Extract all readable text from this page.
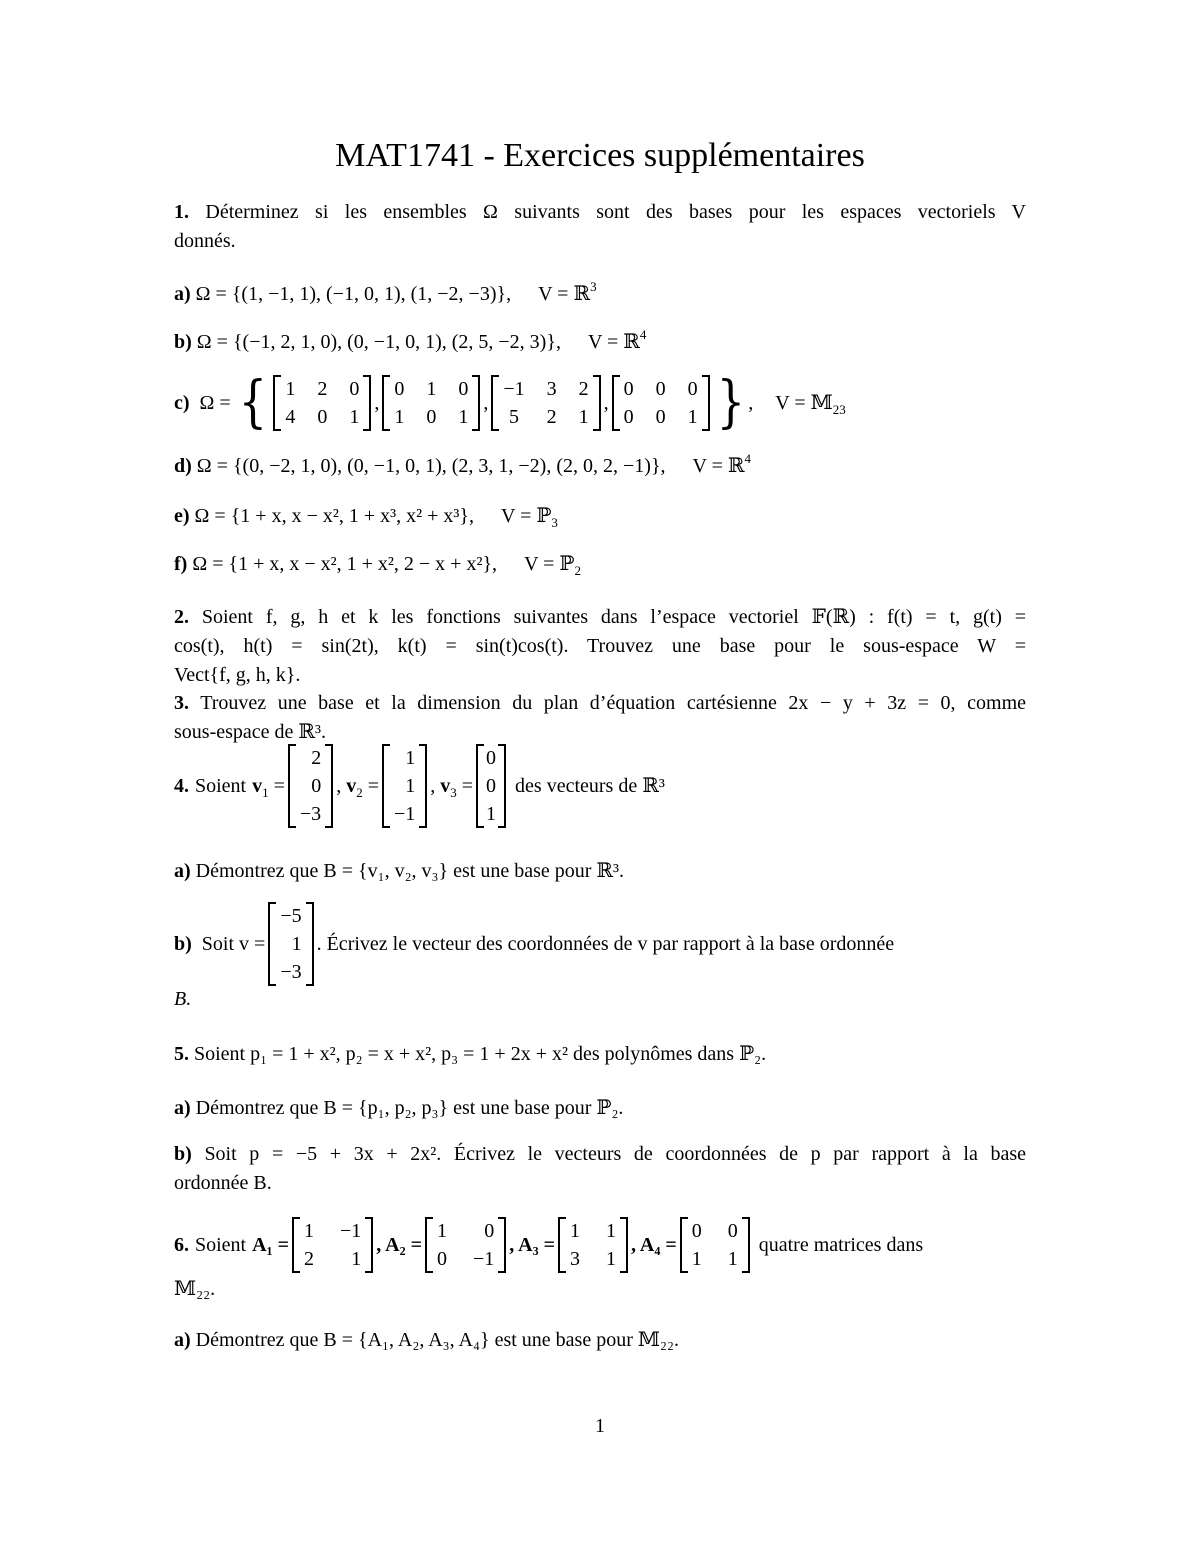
MAT1741 - Exercices supplémentaires
1. Déterminez si les ensembles Ω suivants sont des bases pour les espaces vectoriels V
donnés.
a) Ω = {(1, −1, 1), (−1, 0, 1), (1, −2, −3)}, V = ℝ$^3$
b) Ω = {(−1, 2, 1, 0), (0, −1, 0, 1), (2, 5, −2, 3)}, V = ℝ$^4$
c) Ω = { 1 2 0
4 0 1
,
0 1 0
1 0 1
,
−1 3 2
5 2 1
,
0 0 0
0 0 1 } , V = 𝕄$_{23}$
d) Ω = {(0, −2, 1, 0), (0, −1, 0, 1), (2, 3, 1, −2), (2, 0, 2, −1)}, V = ℝ$^4$
e) Ω = {1 + x, x − x², 1 + x³, x² + x³}, V = ℙ$_3$
f) Ω = {1 + x, x − x², 1 + x², 2 − x + x²}, V = ℙ$_2$
2. Soient f, g, h et k les fonctions suivantes dans l’espace vectoriel 𝔽(ℝ) : f(t) = t, g(t) =
cos(t), h(t) = sin(2t), k(t) = sin(t)cos(t). Trouvez une base pour le sous-espace W =
Vect{f, g, h, k}.
3. Trouvez une base et la dimension du plan d’équation cartésienne 2x − y + 3z = 0, comme
sous-espace de ℝ³.
4. Soient $v_1$ =
2
0
−3
, $v_2$ =
1
1
−1
, $v_3$ =
0
0
1
des vecteurs de ℝ³
a) Démontrez que B = {v₁, v₂, v₃} est une base pour ℝ³.
b) Soit v =
−5
1
−3
. Écrivez le vecteur des coordonnées de v par rapport à la base ordonnée
B.
5. Soient p₁ = 1 + x², p₂ = x + x², p₃ = 1 + 2x + x² des polynômes dans ℙ₂.
a) Démontrez que B = {p₁, p₂, p₃} est une base pour ℙ₂.
b) Soit p = −5 + 3x + 2x². Écrivez le vecteurs de coordonnées de p par rapport à la base
ordonnée B.
6. Soient A₁ =
1 −1
2	1
, A₂ =
1	0
0 −1
, A₃ =
1 1
3 1
, A₄ =
0 0
1 1
quatre matrices dans
𝕄₂₂.
a) Démontrez que B = {A₁, A₂, A₃, A₄} est une base pour 𝕄₂₂.
1
